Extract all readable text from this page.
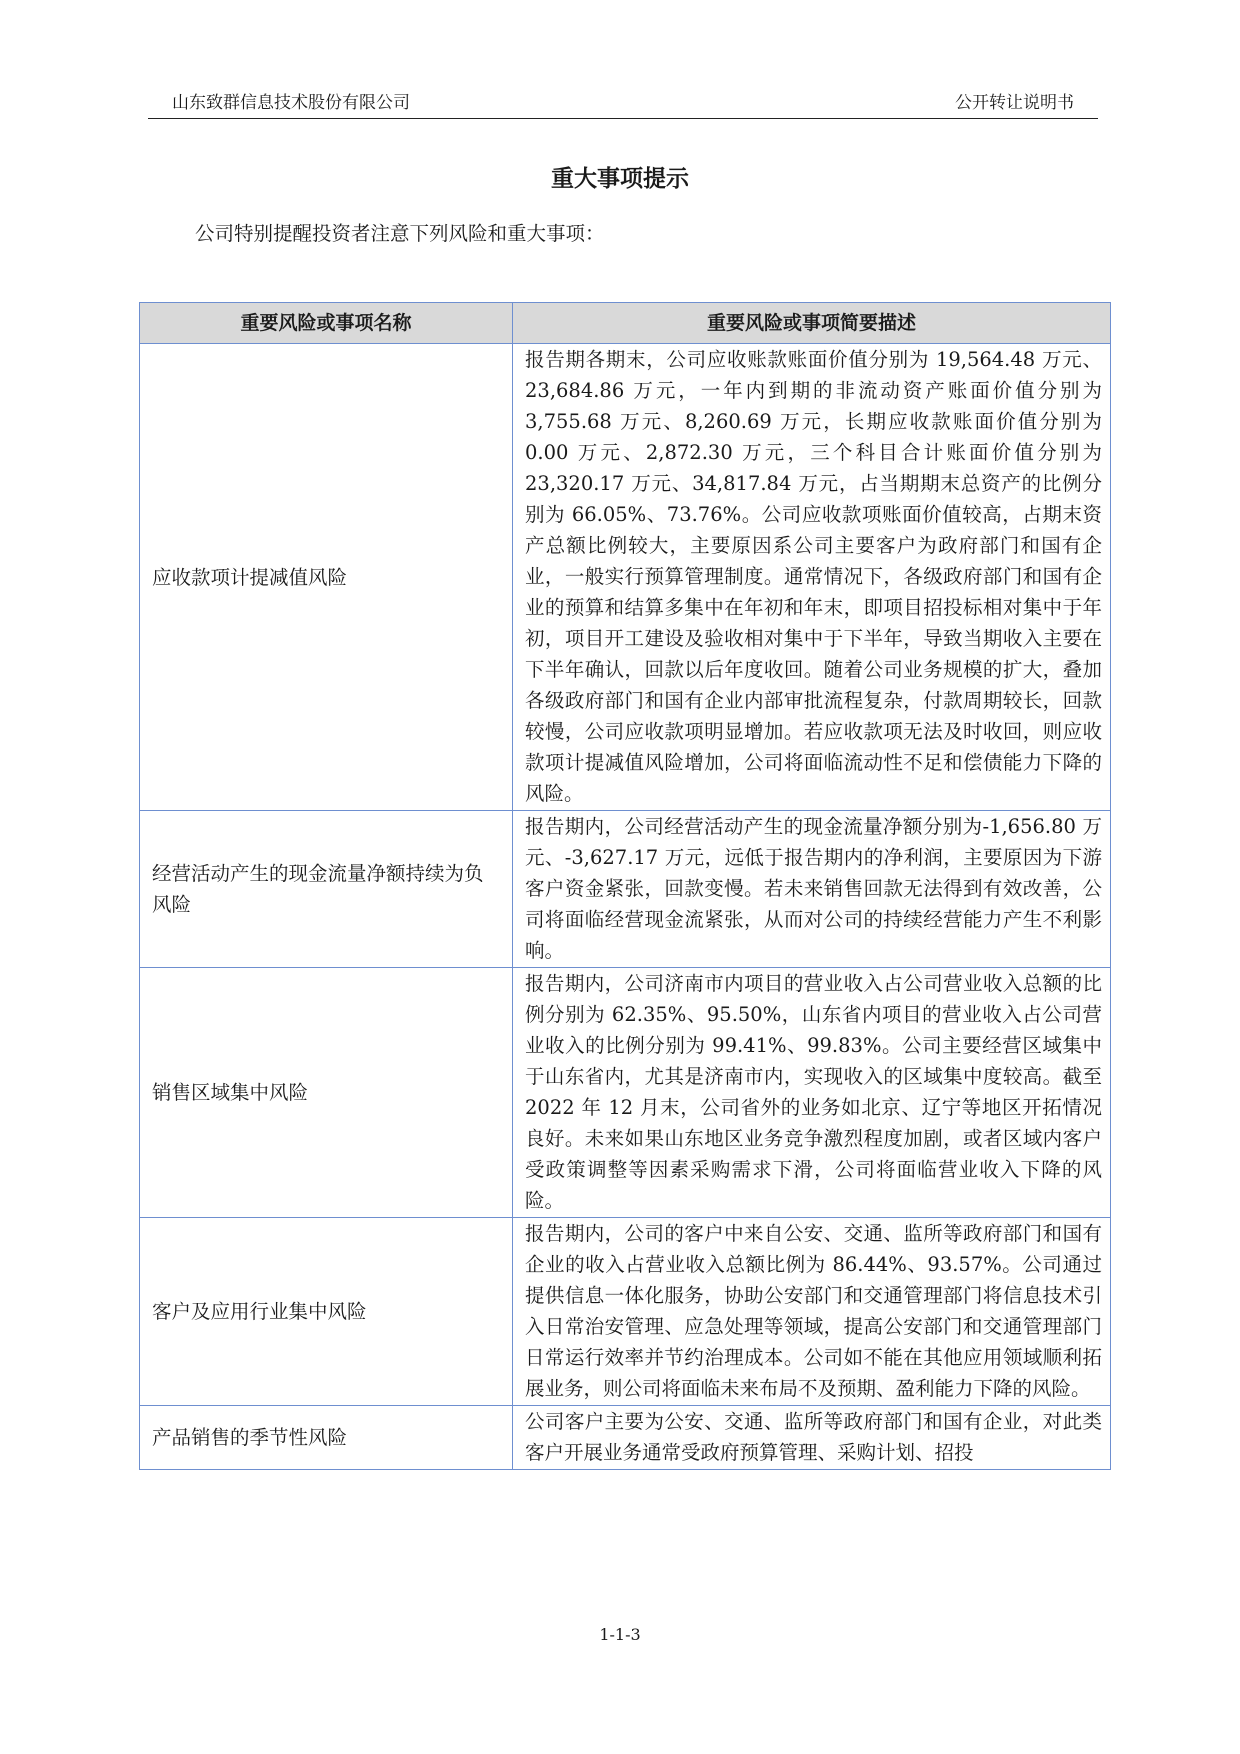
山东致群信息技术股份有限公司	公开转让说明书
重大事项提示
公司特别提醒投资者注意下列风险和重大事项：
重要风险或事项名称	重要风险或事项简要描述
应收款项计提减值风险	报告期各期末，公司应收账款账面价值分别为 19,564.48 万元、23,684.86 万元，一年内到期的非流动资产账面价值分别为 3,755.68 万元、8,260.69 万元，长期应收款账面价值分别为 0.00 万元、2,872.30 万元，三个科目合计账面价值分别为 23,320.17 万元、34,817.84 万元，占当期期末总资产的比例分别为 66.05%、73.76%。公司应收款项账面价值较高，占期末资产总额比例较大，主要原因系公司主要客户为政府部门和国有企业，一般实行预算管理制度。通常情况下，各级政府部门和国有企业的预算和结算多集中在年初和年末，即项目招投标相对集中于年初，项目开工建设及验收相对集中于下半年，导致当期收入主要在下半年确认，回款以后年度收回。随着公司业务规模的扩大，叠加各级政府部门和国有企业内部审批流程复杂，付款周期较长，回款较慢，公司应收款项明显增加。若应收款项无法及时收回，则应收款项计提减值风险增加，公司将面临流动性不足和偿债能力下降的风险。
经营活动产生的现金流量净额持续为负风险	报告期内，公司经营活动产生的现金流量净额分别为-1,656.80 万元、-3,627.17 万元，远低于报告期内的净利润，主要原因为下游客户资金紧张，回款变慢。若未来销售回款无法得到有效改善，公司将面临经营现金流紧张，从而对公司的持续经营能力产生不利影响。
销售区域集中风险	报告期内，公司济南市内项目的营业收入占公司营业收入总额的比例分别为 62.35%、95.50%，山东省内项目的营业收入占公司营业收入的比例分别为 99.41%、99.83%。公司主要经营区域集中于山东省内，尤其是济南市内，实现收入的区域集中度较高。截至 2022 年 12 月末，公司省外的业务如北京、辽宁等地区开拓情况良好。未来如果山东地区业务竞争激烈程度加剧，或者区域内客户受政策调整等因素采购需求下滑，公司将面临营业收入下降的风险。
客户及应用行业集中风险	报告期内，公司的客户中来自公安、交通、监所等政府部门和国有企业的收入占营业收入总额比例为 86.44%、93.57%。公司通过提供信息一体化服务，协助公安部门和交通管理部门将信息技术引入日常治安管理、应急处理等领域，提高公安部门和交通管理部门日常运行效率并节约治理成本。公司如不能在其他应用领域顺利拓展业务，则公司将面临未来布局不及预期、盈利能力下降的风险。
产品销售的季节性风险	公司客户主要为公安、交通、监所等政府部门和国有企业，对此类客户开展业务通常受政府预算管理、采购计划、招投
1-1-3
